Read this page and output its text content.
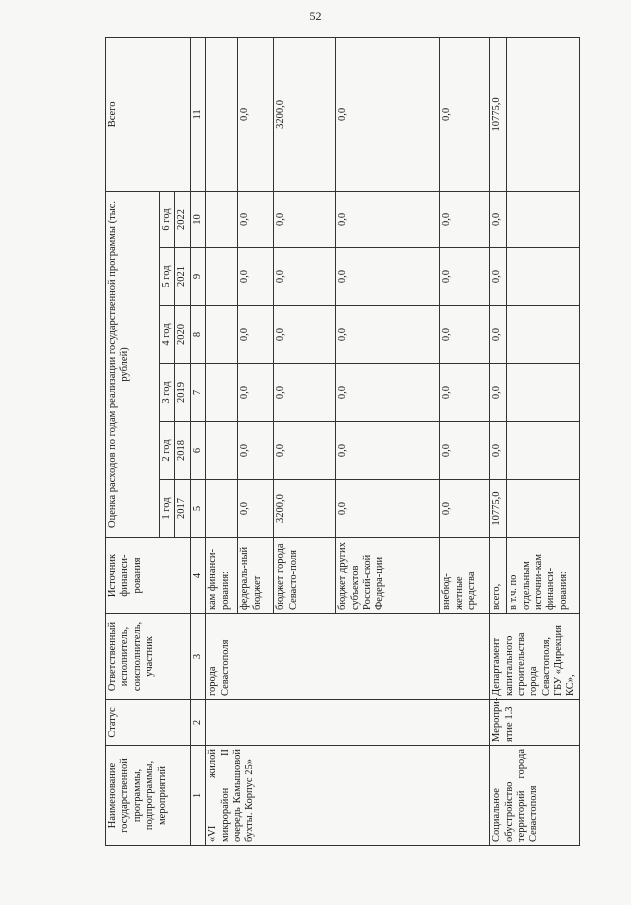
52
Наименование государственной программы, подпрограммы, мероприятий	Статус	Ответственный исполнитель, соисполнитель, участник	Источник финанси-рования	Оценка расходов по годам реализации государственной программы (тыс. рублей)						Всего
				1 год	2 год	3 год	4 год	5 год	6 год	
				2017	2018	2019	2020	2021	2022	
1	2	3	4	5	6	7	8	9	10	11
«VI жилой микрорайон II очередь Камышовой бухты. Корпус 25»		города Севастополя	кам финанси-рования:							
			федераль-ный бюджет	0,0	0,0	0,0	0,0	0,0	0,0	0,0
			бюджет города Севасто-поля	3200,0	0,0	0,0	0,0	0,0	0,0	3200,0
			бюджет других субъектов Россий-ской Федера-ции	0,0	0,0	0,0	0,0	0,0	0,0	0,0
			внебюд-жетные средства	0,0	0,0	0,0	0,0	0,0	0,0	0,0
Социальное обустройство территорий города Севастополя	Меропри-ятие 1.3	Департамент капитального строительства города Севастополя, ГБУ «Дирекция КС»,	всего,	10775,0	0,0	0,0	0,0	0,0	0,0	10775,0
			в т.ч. по отдельным источни-кам финанси-рования:							
